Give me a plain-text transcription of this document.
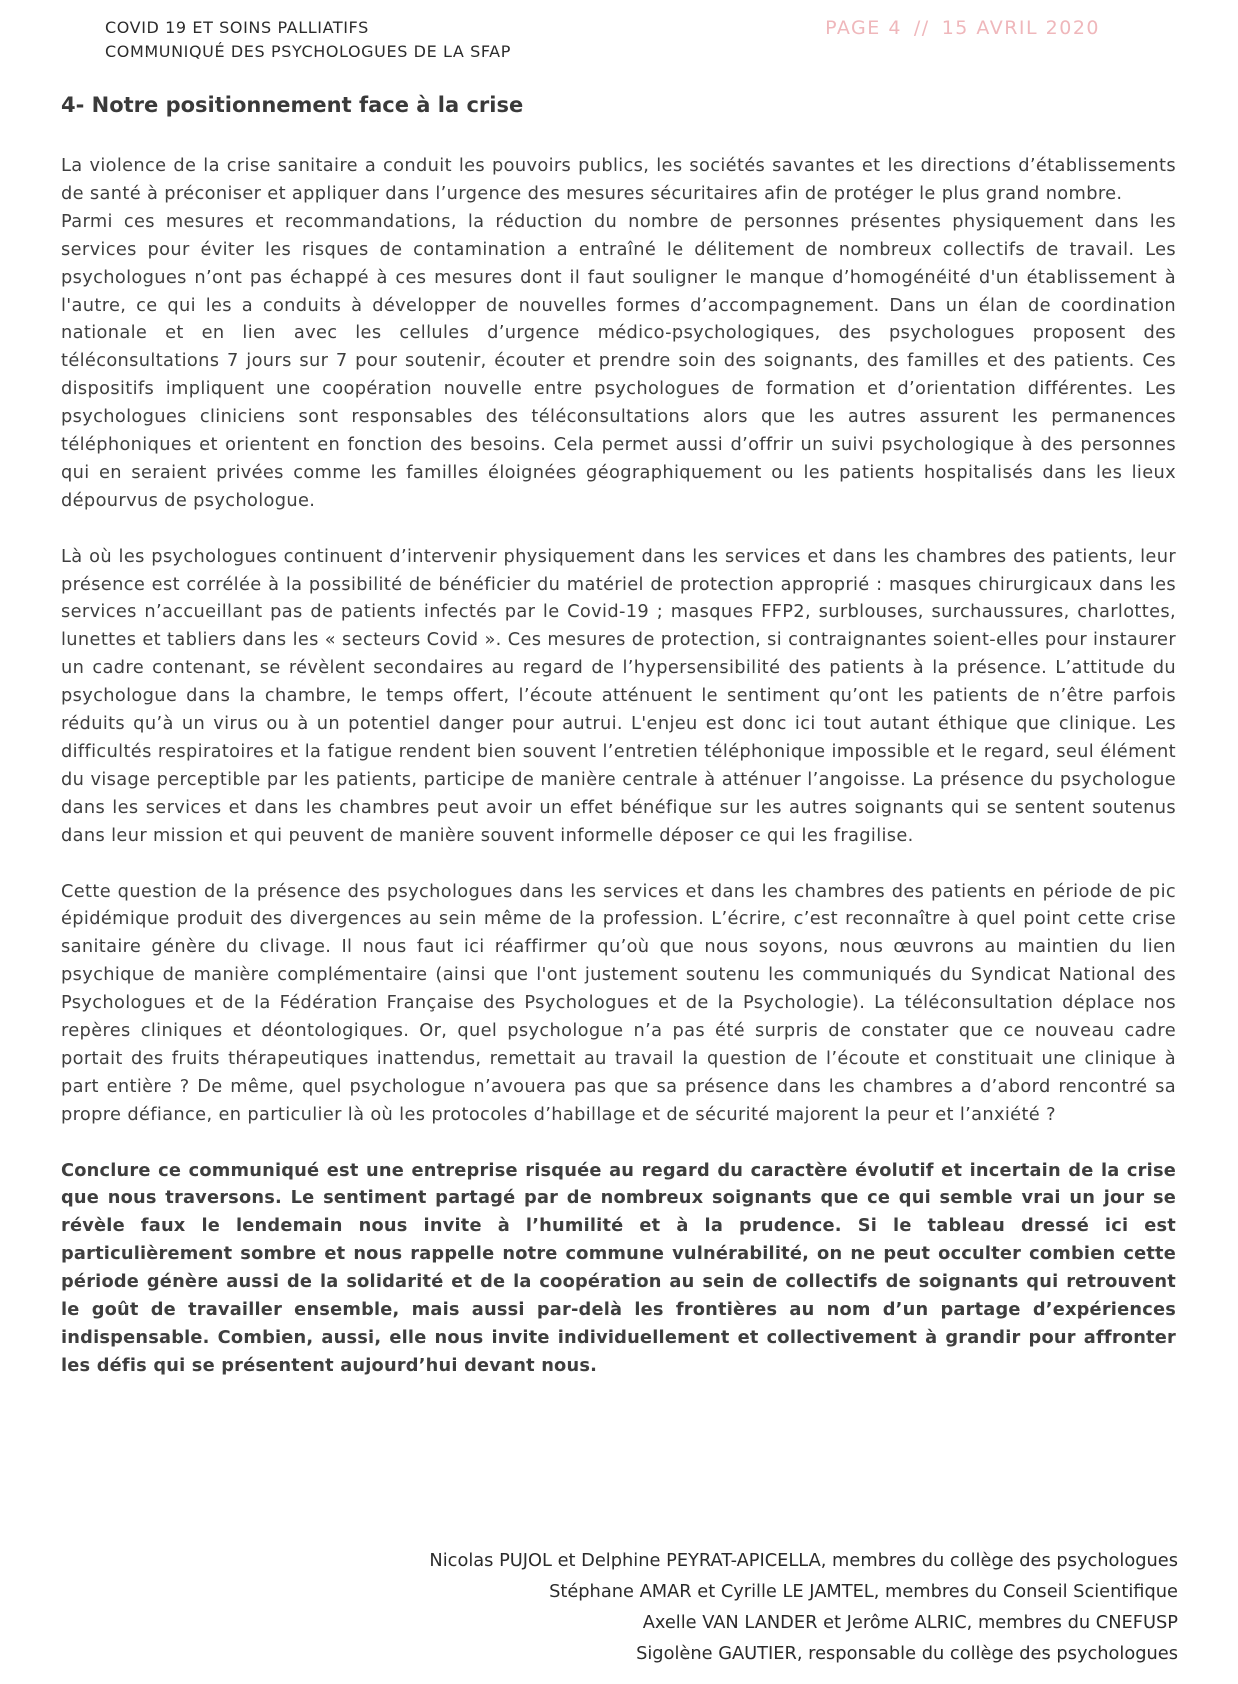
COVID 19 ET SOINS PALLIATIFS
COMMUNIQUÉ DES PSYCHOLOGUES DE LA SFAP
PAGE 4 // 15 AVRIL 2020
4- Notre positionnement face à la crise

La violence de la crise sanitaire a conduit les pouvoirs publics, les sociétés savantes et les directions d’établissements de santé à préconiser et appliquer dans l’urgence des mesures sécuritaires afin de protéger le plus grand nombre.

Parmi ces mesures et recommandations, la réduction du nombre de personnes présentes physiquement dans les services pour éviter les risques de contamination a entraîné le délitement de nombreux collectifs de travail. Les psychologues n’ont pas échappé à ces mesures dont il faut souligner le manque d’homogénéité d'un établissement à l'autre, ce qui les a conduits à développer de nouvelles formes d’accompagnement. Dans un élan de coordination nationale et en lien avec les cellules d’urgence médico-psychologiques, des psychologues proposent des téléconsultations 7 jours sur 7 pour soutenir, écouter et prendre soin des soignants, des familles et des patients. Ces dispositifs impliquent une coopération nouvelle entre psychologues de formation et d’orientation différentes. Les psychologues cliniciens sont responsables des téléconsultations alors que les autres assurent les permanences téléphoniques et orientent en fonction des besoins. Cela permet aussi d’offrir un suivi psychologique à des personnes qui en seraient privées comme les familles éloignées géographiquement ou les patients hospitalisés dans les lieux dépourvus de psychologue.

Là où les psychologues continuent d’intervenir physiquement dans les services et dans les chambres des patients, leur présence est corrélée à la possibilité de bénéficier du matériel de protection approprié : masques chirurgicaux dans les services n’accueillant pas de patients infectés par le Covid-19 ; masques FFP2, surblouses, surchaussures, charlottes, lunettes et tabliers dans les « secteurs Covid ». Ces mesures de protection, si contraignantes soient-elles pour instaurer un cadre contenant, se révèlent secondaires au regard de l’hypersensibilité des patients à la présence. L’attitude du psychologue dans la chambre, le temps offert, l’écoute atténuent le sentiment qu’ont les patients de n’être parfois réduits qu’à un virus ou à un potentiel danger pour autrui. L'enjeu est donc ici tout autant éthique que clinique. Les difficultés respiratoires et la fatigue rendent bien souvent l’entretien téléphonique impossible et le regard, seul élément du visage perceptible par les patients, participe de manière centrale à atténuer l’angoisse. La présence du psychologue dans les services et dans les chambres peut avoir un effet bénéfique sur les autres soignants qui se sentent soutenus dans leur mission et qui peuvent de manière souvent informelle déposer ce qui les fragilise.

Cette question de la présence des psychologues dans les services et dans les chambres des patients en période de pic épidémique produit des divergences au sein même de la profession. L’écrire, c’est reconnaître à quel point cette crise sanitaire génère du clivage. Il nous faut ici réaffirmer qu’où que nous soyons, nous œuvrons au maintien du lien psychique de manière complémentaire (ainsi que l'ont justement soutenu les communiqués du Syndicat National des Psychologues et de la Fédération Française des Psychologues et de la Psychologie). La téléconsultation déplace nos repères cliniques et déontologiques. Or, quel psychologue n’a pas été surpris de constater que ce nouveau cadre portait des fruits thérapeutiques inattendus, remettait au travail la question de l’écoute et constituait une clinique à part entière ? De même, quel psychologue n’avouera pas que sa présence dans les chambres a d’abord rencontré sa propre défiance, en particulier là où les protocoles d’habillage et de sécurité majorent la peur et l’anxiété ?

Conclure ce communiqué est une entreprise risquée au regard du caractère évolutif et incertain de la crise que nous traversons. Le sentiment partagé par de nombreux soignants que ce qui semble vrai un jour se révèle faux le lendemain nous invite à l’humilité et à la prudence. Si le tableau dressé ici est particulièrement sombre et nous rappelle notre commune vulnérabilité, on ne peut occulter combien cette période génère aussi de la solidarité et de la coopération au sein de collectifs de soignants qui retrouvent le goût de travailler ensemble, mais aussi par-delà les frontières au nom d’un partage d’expériences indispensable. Combien, aussi, elle nous invite individuellement et collectivement à grandir pour affronter les défis qui se présentent aujourd’hui devant nous.

Nicolas PUJOL et Delphine PEYRAT-APICELLA, membres du collège des psychologues
Stéphane AMAR et Cyrille LE JAMTEL, membres du Conseil Scientifique
Axelle VAN LANDER et Jerôme ALRIC, membres du CNEFUSP
Sigolène GAUTIER, responsable du collège des psychologues
